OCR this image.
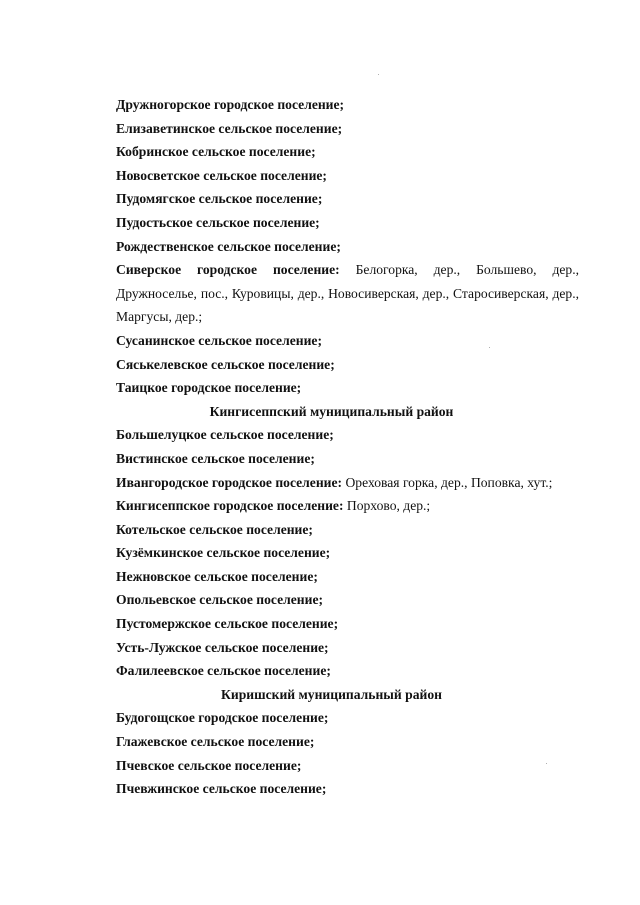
Дружногорское городское поселение;

Елизаветинское сельское поселение;

Кобринское сельское поселение;

Новосветское сельское поселение;

Пудомягское сельское поселение;

Пудостьское сельское поселение;

Рождественское сельское поселение;

Сиверское городское поселение: Белогорка, дер., Большево, дер., Дружноселье, пос., Куровицы, дер., Новосиверская, дер., Старосиверская, дер., Маргусы, дер.;

Сусанинское сельское поселение;

Сяськелевское сельское поселение;

Таицкое городское поселение;

Кингисеппский муниципальный район

Большелуцкое сельское поселение;

Вистинское сельское поселение;

Ивангородское городское поселение: Ореховая горка, дер., Поповка, хут.;

Кингисеппское городское поселение: Порхово, дер.;

Котельское сельское поселение;

Кузёмкинское сельское поселение;

Нежновское сельское поселение;

Опольевское сельское поселение;

Пустомержское сельское поселение;

Усть-Лужское сельское поселение;

Фалилеевское сельское поселение;

Киришский муниципальный район

Будогощское городское поселение;

Глажевское сельское поселение;

Пчевское сельское поселение;

Пчевжинское сельское поселение;
